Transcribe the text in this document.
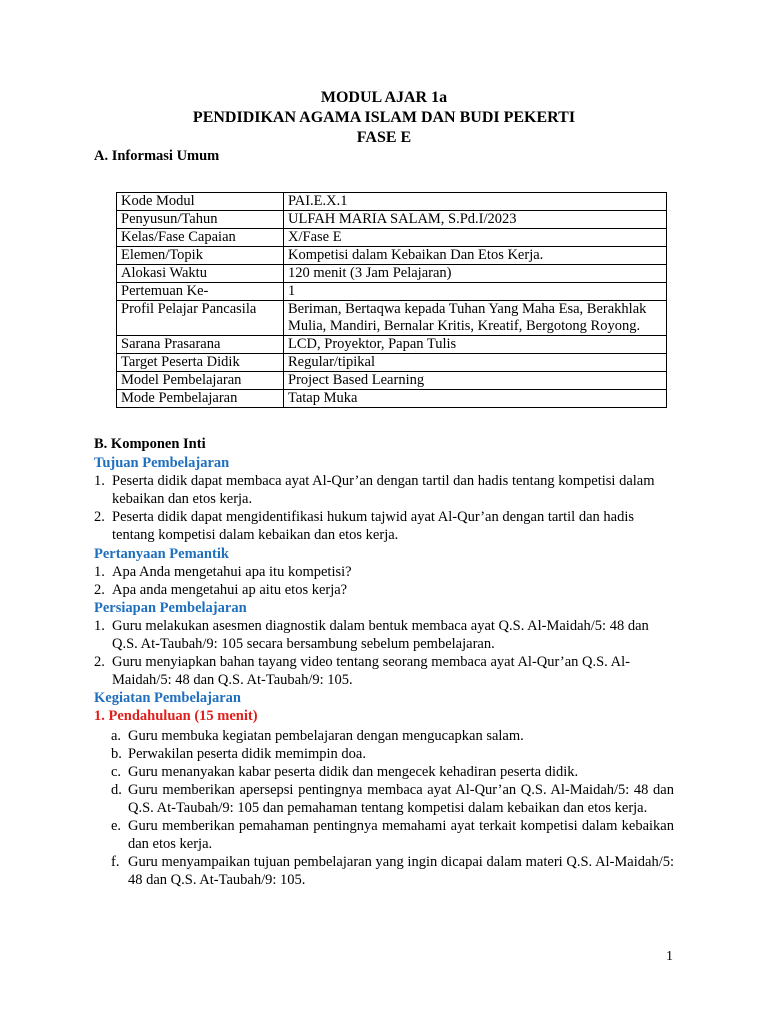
MODUL AJAR 1a
PENDIDIKAN AGAMA ISLAM DAN BUDI PEKERTI
FASE E
A. Informasi Umum
Kode Modul	PAI.E.X.1
Penyusun/Tahun	ULFAH MARIA SALAM, S.Pd.I/2023
Kelas/Fase Capaian	X/Fase E
Elemen/Topik	Kompetisi dalam Kebaikan Dan Etos Kerja.
Alokasi Waktu	120 menit (3 Jam Pelajaran)
Pertemuan Ke-	1
Profil Pelajar Pancasila	Beriman, Bertaqwa kepada Tuhan Yang Maha Esa, Berakhlak Mulia, Mandiri, Bernalar Kritis, Kreatif, Bergotong Royong.
Sarana Prasarana	LCD, Proyektor, Papan Tulis
Target Peserta Didik	Regular/tipikal
Model Pembelajaran	Project Based Learning
Mode Pembelajaran	Tatap Muka
B. Komponen Inti
Tujuan Pembelajaran
1. Peserta didik dapat membaca ayat Al-Qur’an dengan tartil dan hadis tentang kompetisi dalam kebaikan dan etos kerja.
2. Peserta didik dapat mengidentifikasi hukum tajwid ayat Al-Qur’an dengan tartil dan hadis tentang kompetisi dalam kebaikan dan etos kerja.
Pertanyaan Pemantik
1. Apa Anda mengetahui apa itu kompetisi?
2. Apa anda mengetahui ap aitu etos kerja?
Persiapan Pembelajaran
1. Guru melakukan asesmen diagnostik dalam bentuk membaca ayat Q.S. Al-Maidah/5: 48 dan Q.S. At-Taubah/9: 105 secara bersambung sebelum pembelajaran.
2. Guru menyiapkan bahan tayang video tentang seorang membaca ayat Al-Qur’an Q.S. Al-Maidah/5: 48 dan Q.S. At-Taubah/9: 105.
Kegiatan Pembelajaran
1. Pendahuluan (15 menit)
a. Guru membuka kegiatan pembelajaran dengan mengucapkan salam.
b. Perwakilan peserta didik memimpin doa.
c. Guru menanyakan kabar peserta didik dan mengecek kehadiran peserta didik.
d. Guru memberikan apersepsi pentingnya membaca ayat Al-Qur’an Q.S. Al-Maidah/5: 48 dan Q.S. At-Taubah/9: 105 dan pemahaman tentang kompetisi dalam kebaikan dan etos kerja.
e. Guru memberikan pemahaman pentingnya memahami ayat terkait kompetisi dalam kebaikan dan etos kerja.
f. Guru menyampaikan tujuan pembelajaran yang ingin dicapai dalam materi Q.S. Al-Maidah/5: 48 dan Q.S. At-Taubah/9: 105.
1
